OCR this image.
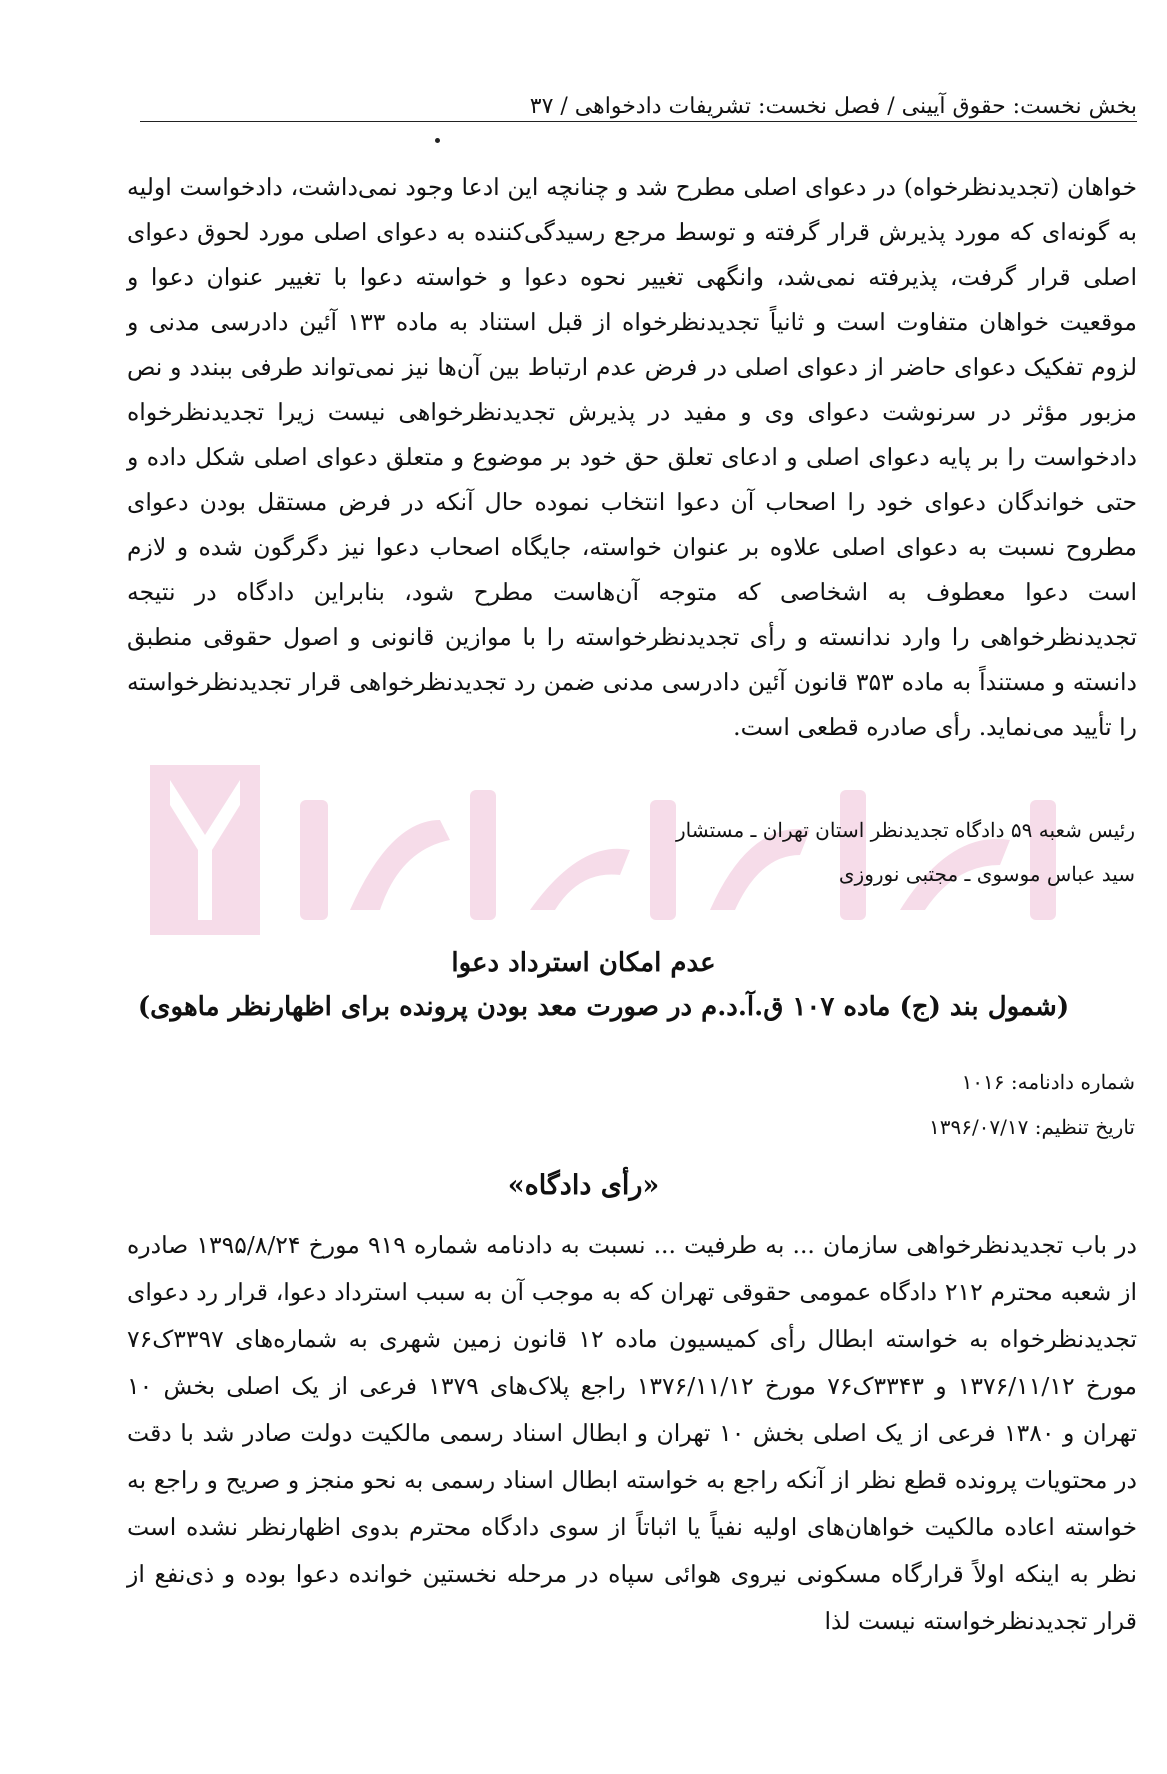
بخش نخست: حقوق آیینی / فصل نخست: تشریفات دادخواهی / ۳۷
خواهان (تجدیدنظرخواه) در دعوای اصلی مطرح شد و چنانچه این ادعا وجود نمی‌داشت، دادخواست اولیه به گونه‌ای که مورد پذیرش قرار گرفته و توسط مرجع رسیدگی‌کننده به دعوای اصلی مورد لحوق دعوای اصلی قرار گرفت، پذیرفته نمی‌شد، وانگهی تغییر نحوه دعوا و خواسته دعوا با تغییر عنوان دعوا و موقعیت خواهان متفاوت است و ثانیاً تجدیدنظرخواه از قبل استناد به ماده ۱۳۳ آئین دادرسی مدنی و لزوم تفکیک دعوای حاضر از دعوای اصلی در فرض عدم ارتباط بین آن‌ها نیز نمی‌تواند طرفی ببندد و نص مزبور مؤثر در سرنوشت دعوای وی و مفید در پذیرش تجدیدنظرخواهی نیست زیرا تجدیدنظرخواه دادخواست را بر پایه دعوای اصلی و ادعای تعلق حق خود بر موضوع و متعلق دعوای اصلی شکل داده و حتی خواندگان دعوای خود را اصحاب آن دعوا انتخاب نموده حال آنکه در فرض مستقل بودن دعوای مطروح نسبت به دعوای اصلی علاوه بر عنوان خواسته، جایگاه اصحاب دعوا نیز دگرگون شده و لازم است دعوا معطوف به اشخاصی که متوجه آن‌هاست مطرح شود، بنابراین دادگاه در نتیجه تجدیدنظرخواهی را وارد ندانسته و رأی تجدیدنظرخواسته را با موازین قانونی و اصول حقوقی منطبق دانسته و مستنداً به ماده ۳۵۳ قانون آئین دادرسی مدنی ضمن رد تجدیدنظرخواهی قرار تجدیدنظرخواسته را تأیید می‌نماید. رأی صادره قطعی است.
رئیس شعبه ۵۹ دادگاه تجدیدنظر استان تهران ـ مستشار
سید عباس موسوی ـ مجتبی نوروزی
عدم امکان استرداد دعوا
(شمول بند (ج) ماده ۱۰۷ ق.آ.د.م در صورت معد بودن پرونده برای اظهارنظر ماهوی)
شماره دادنامه: ۱۰۱۶
تاریخ تنظیم: ۱۳۹۶/۰۷/۱۷
«رأی دادگاه»
در باب تجدیدنظرخواهی سازمان ... به طرفیت ... نسبت به دادنامه شماره ۹۱۹ مورخ ۱۳۹۵/۸/۲۴ صادره از شعبه محترم ۲۱۲ دادگاه عمومی حقوقی تهران که به موجب آن به سبب استرداد دعوا، قرار رد دعوای تجدیدنظرخواه به خواسته ابطال رأی کمیسیون ماده ۱۲ قانون زمین شهری به شماره‌های ۳۳۹۷ک‌۷۶ مورخ ۱۳۷۶/۱۱/۱۲ و ۳۳۴۳ک‌۷۶ مورخ ۱۳۷۶/۱۱/۱۲ راجع پلاک‌های ۱۳۷۹ فرعی از یک اصلی بخش ۱۰ تهران و ۱۳۸۰ فرعی از یک اصلی بخش ۱۰ تهران و ابطال اسناد رسمی مالکیت دولت صادر شد با دقت در محتویات پرونده قطع نظر از آنکه راجع به خواسته ابطال اسناد رسمی به نحو منجز و صریح و راجع به خواسته اعاده مالکیت خواهان‌های اولیه نفیاً یا اثباتاً از سوی دادگاه محترم بدوی اظهارنظر نشده است نظر به اینکه اولاً قرارگاه مسکونی نیروی هوائی سپاه در مرحله نخستین خوانده دعوا بوده و ذی‌نفع از قرار تجدیدنظرخواسته نیست لذا
